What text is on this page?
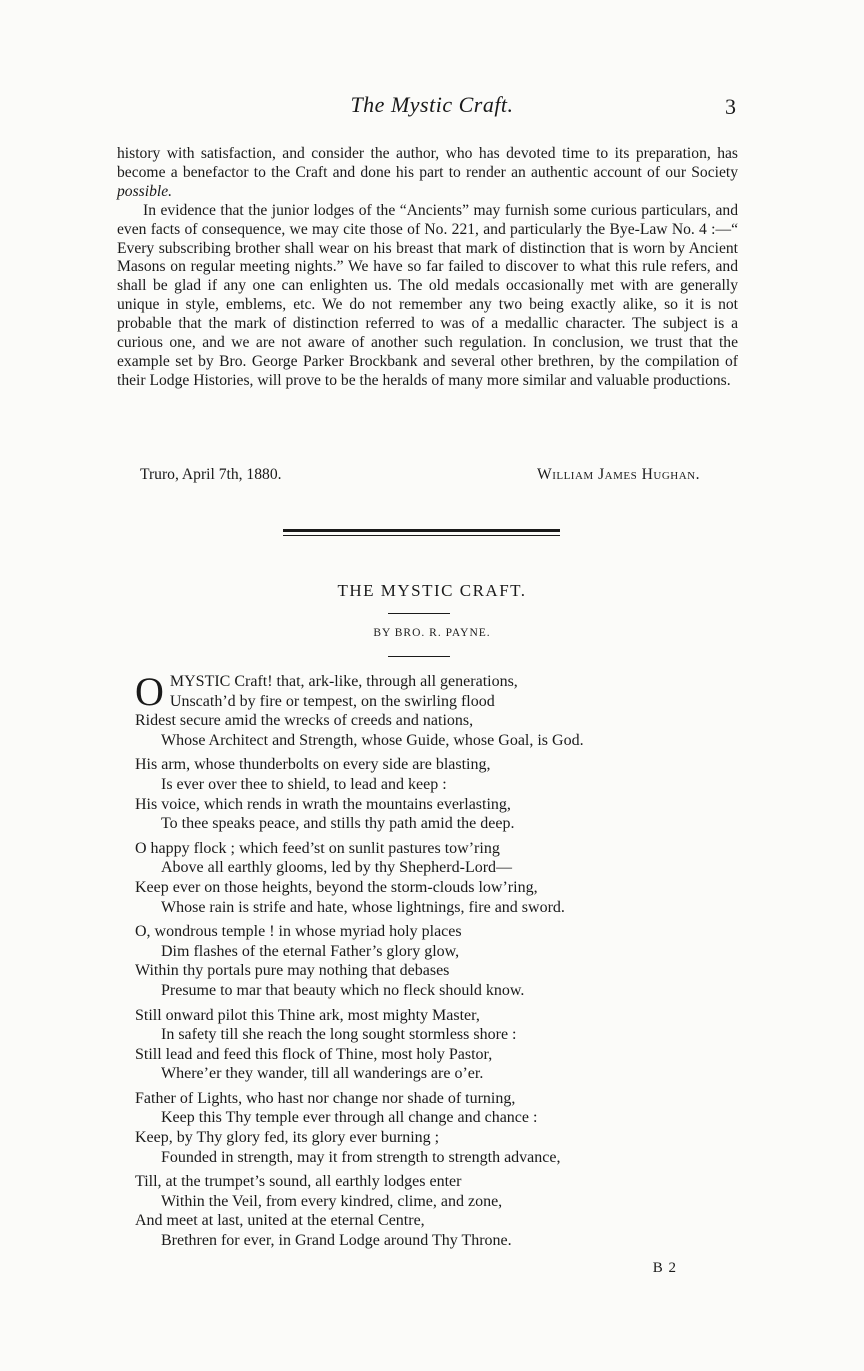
The Mystic Craft.	3

history with satisfaction, and consider the author, who has devoted time to its preparation, has become a benefactor to the Craft and done his part to render an authentic account of our Society possible.

In evidence that the junior lodges of the “Ancients” may furnish some curious particulars, and even facts of consequence, we may cite those of No. 221, and particularly the Bye-Law No. 4 :—“ Every subscribing brother shall wear on his breast that mark of distinction that is worn by Ancient Masons on regular meeting nights.” We have so far failed to discover to what this rule refers, and shall be glad if any one can enlighten us. The old medals occasionally met with are generally unique in style, emblems, etc. We do not remember any two being exactly alike, so it is not probable that the mark of distinction referred to was of a medallic character. The subject is a curious one, and we are not aware of another such regulation. In conclusion, we trust that the example set by Bro. George Parker Brockbank and several other brethren, by the compilation of their Lodge Histories, will prove to be the heralds of many more similar and valuable productions.

Truro, April 7th, 1880.	William James Hughan.
THE MYSTIC CRAFT.
BY BRO. R. PAYNE.
O MYSTIC Craft! that, ark-like, through all generations,
Unscath’d by fire or tempest, on the swirling flood
Ridest secure amid the wrecks of creeds and nations,
Whose Architect and Strength, whose Guide, whose Goal, is God.
His arm, whose thunderbolts on every side are blasting,
Is ever over thee to shield, to lead and keep :
His voice, which rends in wrath the mountains everlasting,
To thee speaks peace, and stills thy path amid the deep.
O happy flock ; which feed’st on sunlit pastures tow’ring
Above all earthly glooms, led by thy Shepherd-Lord—
Keep ever on those heights, beyond the storm-clouds low’ring,
Whose rain is strife and hate, whose lightnings, fire and sword.
O, wondrous temple ! in whose myriad holy places
Dim flashes of the eternal Father’s glory glow,
Within thy portals pure may nothing that debases
Presume to mar that beauty which no fleck should know.
Still onward pilot this Thine ark, most mighty Master,
In safety till she reach the long sought stormless shore :
Still lead and feed this flock of Thine, most holy Pastor,
Where’er they wander, till all wanderings are o’er.
Father of Lights, who hast nor change nor shade of turning,
Keep this Thy temple ever through all change and chance :
Keep, by Thy glory fed, its glory ever burning ;
Founded in strength, may it from strength to strength advance,
Till, at the trumpet’s sound, all earthly lodges enter
Within the Veil, from every kindred, clime, and zone,
And meet at last, united at the eternal Centre,
Brethren for ever, in Grand Lodge around Thy Throne.
B 2
